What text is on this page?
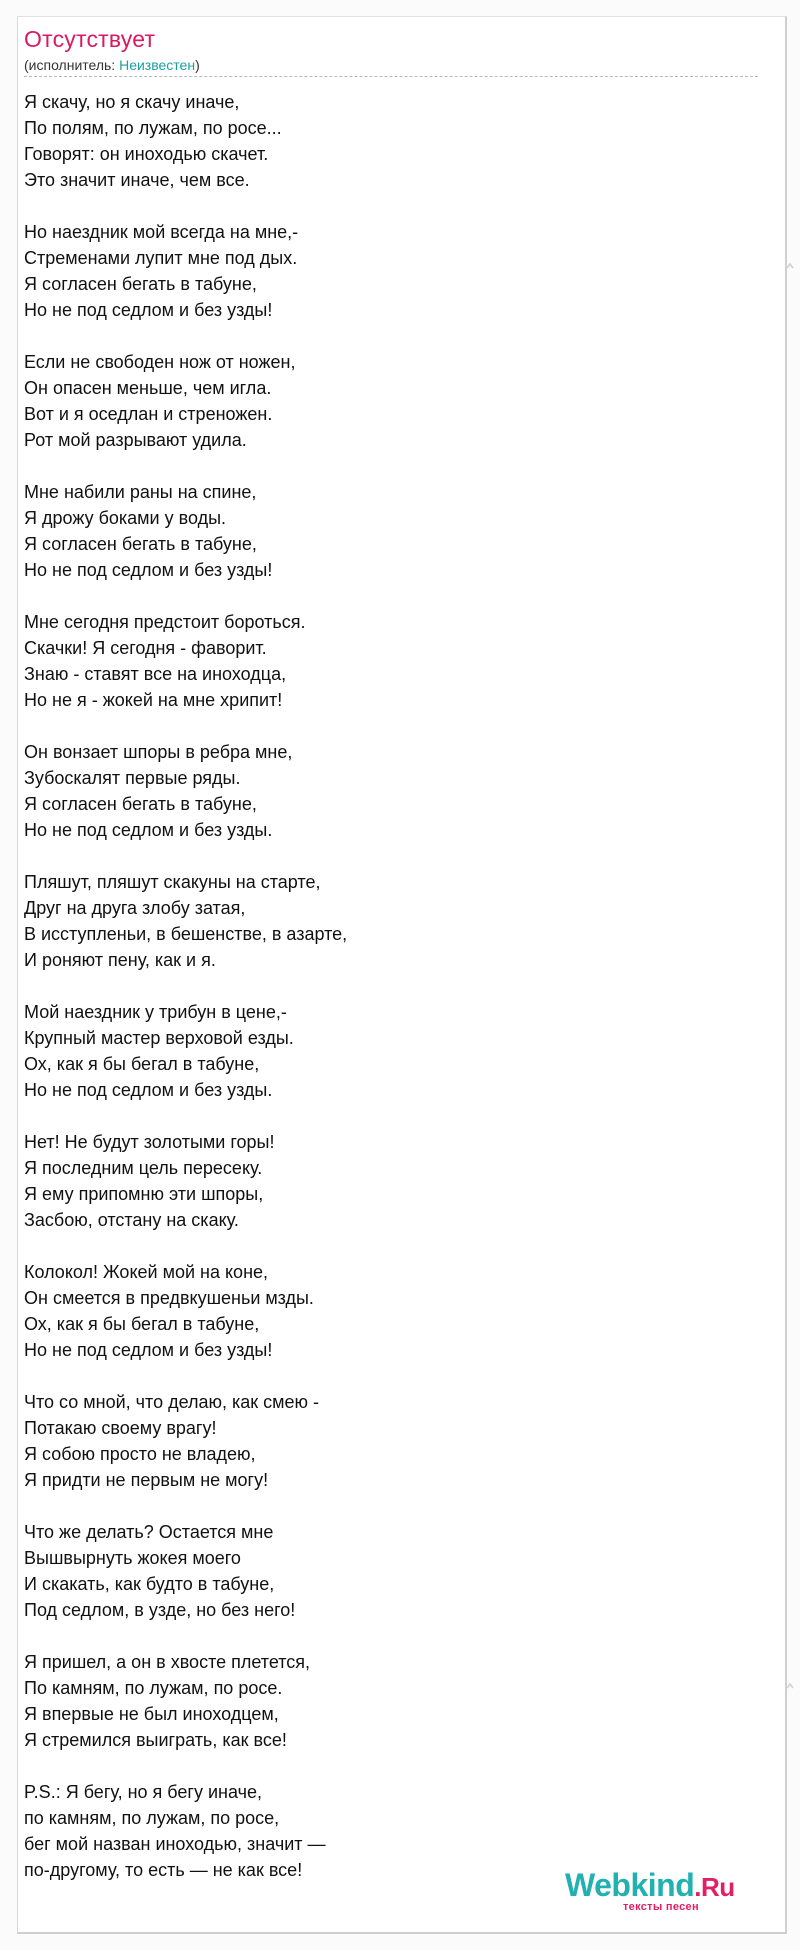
Отсутствует
(исполнитель: Неизвестен)
Я скачу, но я скачу иначе,
По полям, по лужам, по росе...
Говорят: он иноходью скачет.
Это значит иначе, чем все.
Но наездник мой всегда на мне,-
Стременами лупит мне под дых.
Я согласен бегать в табуне,
Но не под седлом и без узды!
Если не свободен нож от ножен,
Он опасен меньше, чем игла.
Вот и я оседлан и стреножен.
Рот мой разрывают удила.
Мне набили раны на спине,
Я дрожу боками у воды.
Я согласен бегать в табуне,
Но не под седлом и без узды!
Мне сегодня предстоит бороться.
Скачки! Я сегодня - фаворит.
Знаю - ставят все на иноходца,
Но не я - жокей на мне хрипит!
Он вонзает шпоры в ребра мне,
Зубоскалят первые ряды.
Я согласен бегать в табуне,
Но не под седлом и без узды.
Пляшут, пляшут скакуны на старте,
Друг на друга злобу затая,
В исступленьи, в бешенстве, в азарте,
И роняют пену, как и я.
Мой наездник у трибун в цене,-
Крупный мастер верховой езды.
Ох, как я бы бегал в табуне,
Но не под седлом и без узды.
Нет! Не будут золотыми горы!
Я последним цель пересеку.
Я ему припомню эти шпоры,
Засбою, отстану на скаку.
Колокол! Жокей мой на коне,
Он смеется в предвкушеньи мзды.
Ох, как я бы бегал в табуне,
Но не под седлом и без узды!
Что со мной, что делаю, как смею -
Потакаю своему врагу!
Я собою просто не владею,
Я придти не первым не могу!
Что же делать? Остается мне
Вышвырнуть жокея моего
И скакать, как будто в табуне,
Под седлом, в узде, но без него!
Я пришел, а он в хвосте плетется,
По камням, по лужам, по росе.
Я впервые не был иноходцем,
Я стремился выиграть, как все!
P.S.: Я бегу, но я бегу иначе,
по камням, по лужам, по росе,
бег мой назван иноходью, значит —
по-другому, то есть — не как все!	Webkind.Ru
тексты песен
